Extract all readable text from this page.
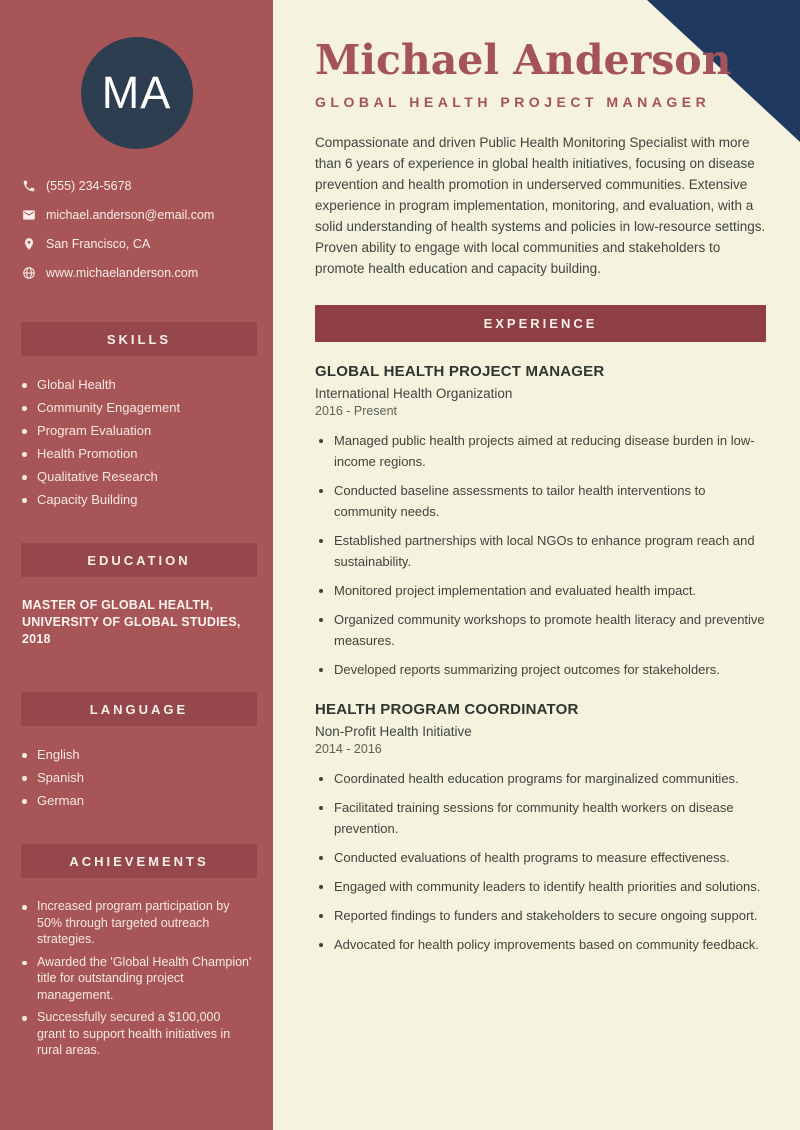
MA
(555) 234-5678
michael.anderson@email.com
San Francisco, CA
www.michaelanderson.com
SKILLS
Global Health
Community Engagement
Program Evaluation
Health Promotion
Qualitative Research
Capacity Building
EDUCATION
MASTER OF GLOBAL HEALTH,
UNIVERSITY OF GLOBAL STUDIES, 2018
LANGUAGE
English
Spanish
German
ACHIEVEMENTS
Increased program participation by 50% through targeted outreach strategies.
Awarded the 'Global Health Champion' title for outstanding project management.
Successfully secured a $100,000 grant to support health initiatives in rural areas.
Michael Anderson
GLOBAL HEALTH PROJECT MANAGER

Compassionate and driven Public Health Monitoring Specialist with more than 6 years of experience in global health initiatives, focusing on disease prevention and health promotion in underserved communities. Extensive experience in program implementation, monitoring, and evaluation, with a solid understanding of health systems and policies in low-resource settings. Proven ability to engage with local communities and stakeholders to promote health education and capacity building.

EXPERIENCE
GLOBAL HEALTH PROJECT MANAGER
International Health Organization
2016 - Present
• Managed public health projects aimed at reducing disease burden in low-income regions.
• Conducted baseline assessments to tailor health interventions to community needs.
• Established partnerships with local NGOs to enhance program reach and sustainability.
• Monitored project implementation and evaluated health impact.
• Organized community workshops to promote health literacy and preventive measures.
• Developed reports summarizing project outcomes for stakeholders.
HEALTH PROGRAM COORDINATOR
Non-Profit Health Initiative
2014 - 2016
• Coordinated health education programs for marginalized communities.
• Facilitated training sessions for community health workers on disease prevention.
• Conducted evaluations of health programs to measure effectiveness.
• Engaged with community leaders to identify health priorities and solutions.
• Reported findings to funders and stakeholders to secure ongoing support.
• Advocated for health policy improvements based on community feedback.
